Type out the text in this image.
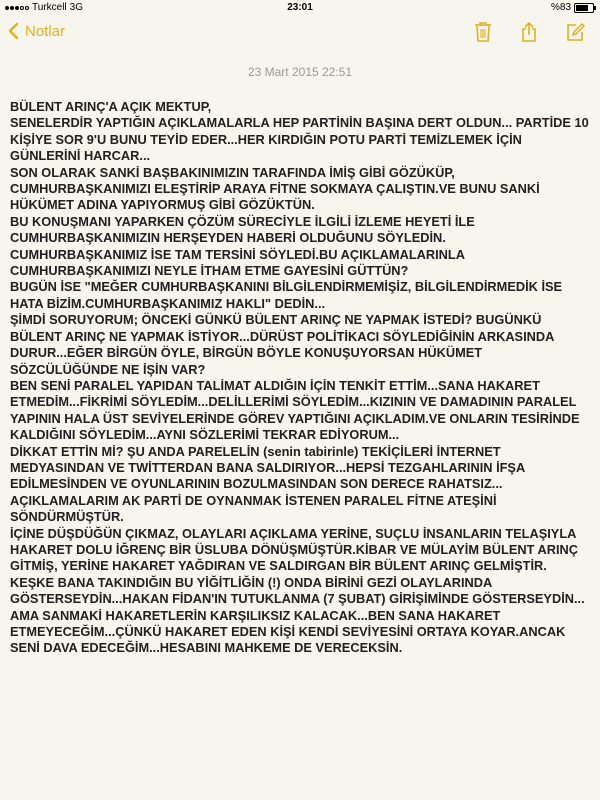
Turkcell 3G	23:01	%83
Notlar
23 Mart 2015 22:51

BÜLENT ARINÇ'A AÇIK MEKTUP,

SENELERDİR YAPTIĞIN AÇIKLAMALARLA HEP PARTİNİN BAŞINA DERT OLDUN... PARTİDE 10 KİŞİYE SOR 9'U BUNU TEYİD EDER...HER KIRDIĞIN POTU PARTİ TEMİZLEMEK İÇİN GÜNLERİNİ HARCAR...

SON OLARAK SANKİ BAŞBAKINIMIZIN TARAFINDA İMİŞ GİBİ GÖZÜKÜP, CUMHURBAŞKANIMIZI ELEŞTİRİP ARAYA FİTNE SOKMAYA ÇALIŞTIN.VE BUNU SANKİ HÜKÜMET ADINA YAPIYORMUŞ GİBİ GÖZÜKTÜN.

BU KONUŞMANI YAPARKEN ÇÖZÜM SÜRECİYLE İLGİLİ İZLEME HEYETİ İLE CUMHURBAŞKANIMIZIN HERŞEYDEN HABERİ OLDUĞUNU SÖYLEDİN.

CUMHURBAŞKANIMIZ İSE TAM TERSİNİ SÖYLEDİ.BU AÇIKLAMALARINLA CUMHURBAŞKANIMIZI NEYLE İTHAM ETME GAYESİNİ GÜTTÜN?

BUGÜN İSE "MEĞER CUMHURBAŞKANINI BİLGİLENDİRMEMİŞİZ, BİLGİLENDİRMEDİK İSE HATA BİZİM.CUMHURBAŞKANIMIZ HAKLI" DEDİN...

ŞİMDİ SORUYORUM; ÖNCEKİ GÜNKÜ BÜLENT ARINÇ NE YAPMAK İSTEDİ? BUGÜNKÜ BÜLENT ARINÇ NE YAPMAK İSTİYOR...DÜRÜST POLİTİKACI SÖYLEDİĞİNİN ARKASINDA DURUR...EĞER BİRGÜN ÖYLE, BİRGÜN BÖYLE KONUŞUYORSAN HÜKÜMET SÖZCÜLÜĞÜNDE NE İŞİN VAR?

BEN SENİ PARALEL YAPIDAN TALİMAT ALDIĞIN İÇİN TENKİT ETTİM...SANA HAKARET ETMEDİM...FİKRİMİ SÖYLEDİM...DELİLLERİMİ SÖYLEDİM...KIZININ VE DAMADININ PARALEL YAPININ HALA ÜST SEVİYELERİNDE GÖREV YAPTIĞINI AÇIKLADIM.VE ONLARIN TESİRİNDE KALDIĞINI SÖYLEDİM...AYNI SÖZLERİMİ TEKRAR EDİYORUM...

DİKKAT ETTİN Mİ? ŞU ANDA PARELELİN (senin tabirinle) TEKİÇİLERİ İNTERNET MEDYASINDAN VE TWİTTERDAN BANA SALDIRIYOR...HEPSİ TEZGAHLARININ İFŞA EDİLMESİNDEN VE OYUNLARININ BOZULMASINDAN SON DERECE RAHATSIZ... AÇIKLAMALARIM AK PARTİ DE OYNANMAK İSTENEN PARALEL FİTNE ATEŞİNİ SÖNDÜRMÜŞTÜR.

İÇİNE DÜŞDÜĞÜN ÇIKMAZ, OLAYLARI AÇIKLAMA YERİNE, SUÇLU İNSANLARIN TELAŞIYLA HAKARET DOLU İĞRENÇ BİR ÜSLUBA DÖNÜŞMÜŞTÜR.KİBAR VE MÜLAYİM BÜLENT ARINÇ GİTMİŞ, YERİNE HAKARET YAĞDIRAN VE SALDIRGAN BİR BÜLENT ARINÇ GELMİŞTİR.

KEŞKE BANA TAKINDIĞIN BU YİĞİTLİĞİN (!) ONDA BİRİNİ GEZİ OLAYLARINDA GÖSTERSEYDİN...HAKAN FİDAN'IN TUTUKLANMA (7 ŞUBAT) GİRİŞİMİNDE GÖSTERSEYDİN...

AMA SANMAKİ HAKARETLERİN KARŞILIKSIZ KALACAK...BEN SANA HAKARET ETMEYECEĞİM...ÇÜNKÜ HAKARET EDEN KİŞİ KENDİ SEVİYESİNİ ORTAYA KOYAR.ANCAK SENİ DAVA EDECEĞİM...HESABINI MAHKEME DE VERECEKSİN.
